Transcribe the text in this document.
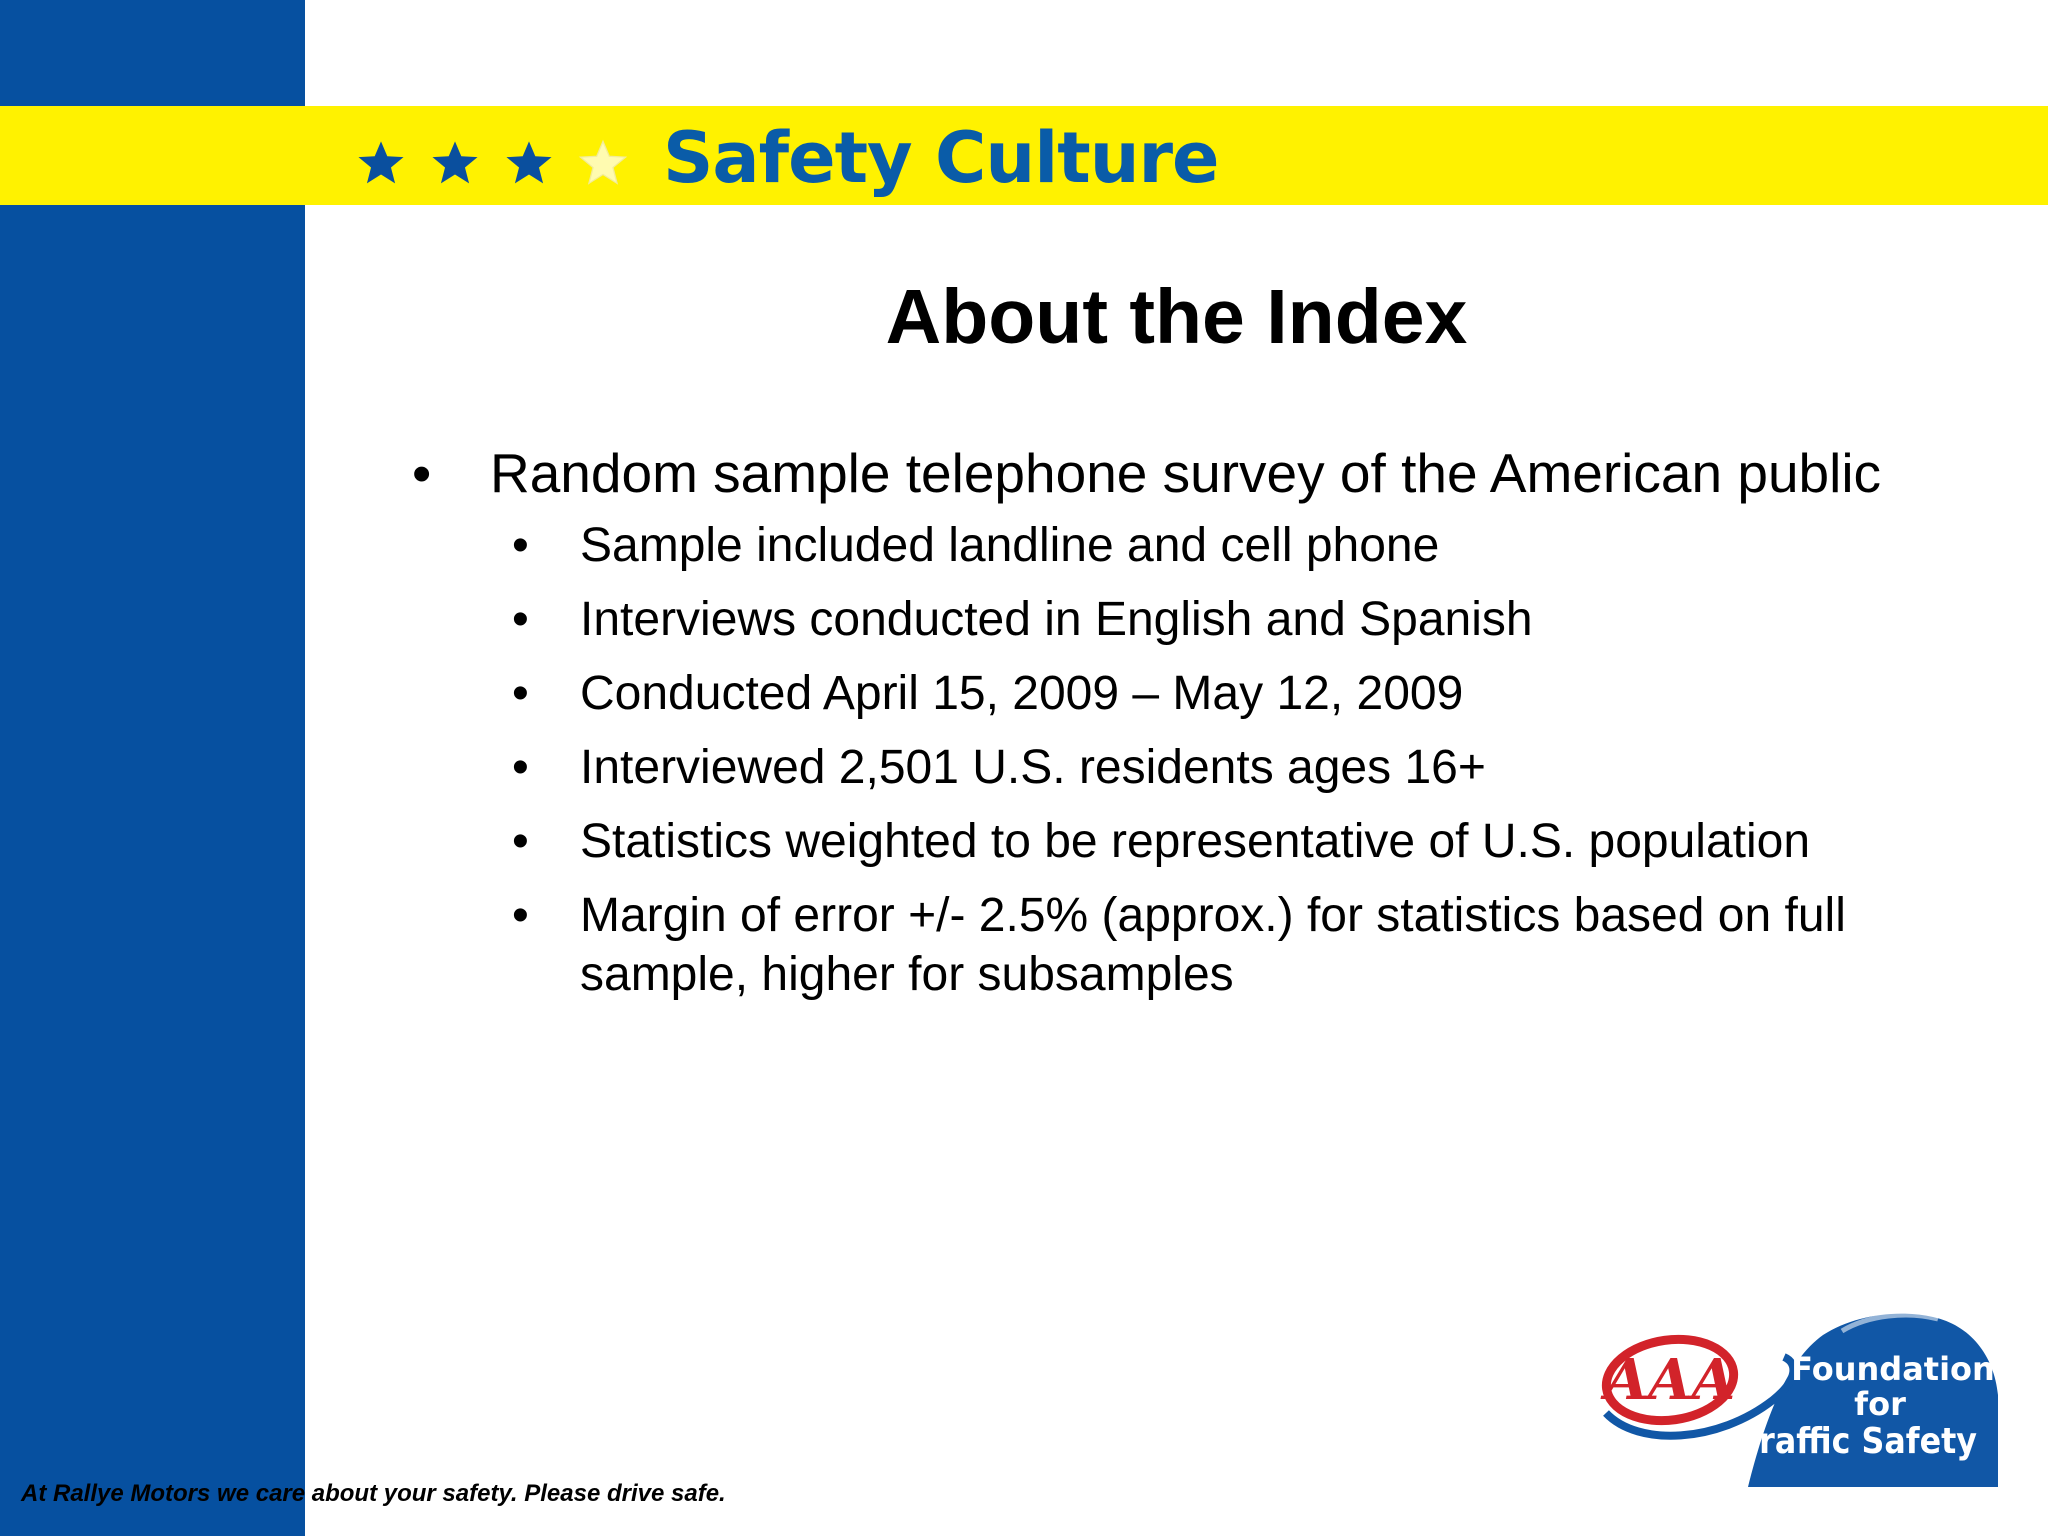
Safety Culture
About the Index
• Random sample telephone survey of the American public
• Sample included landline and cell phone
• Interviews conducted in English and Spanish
• Conducted April 15, 2009 – May 12, 2009
• Interviewed 2,501 U.S. residents ages 16+
• Statistics weighted to be representative of U.S. population
• Margin of error +/- 2.5% (approx.) for statistics based on full sample, higher for subsamples
AAA Foundation
for
Traffic Safety
At Rallye Motors we care about your safety. Please drive safe.
